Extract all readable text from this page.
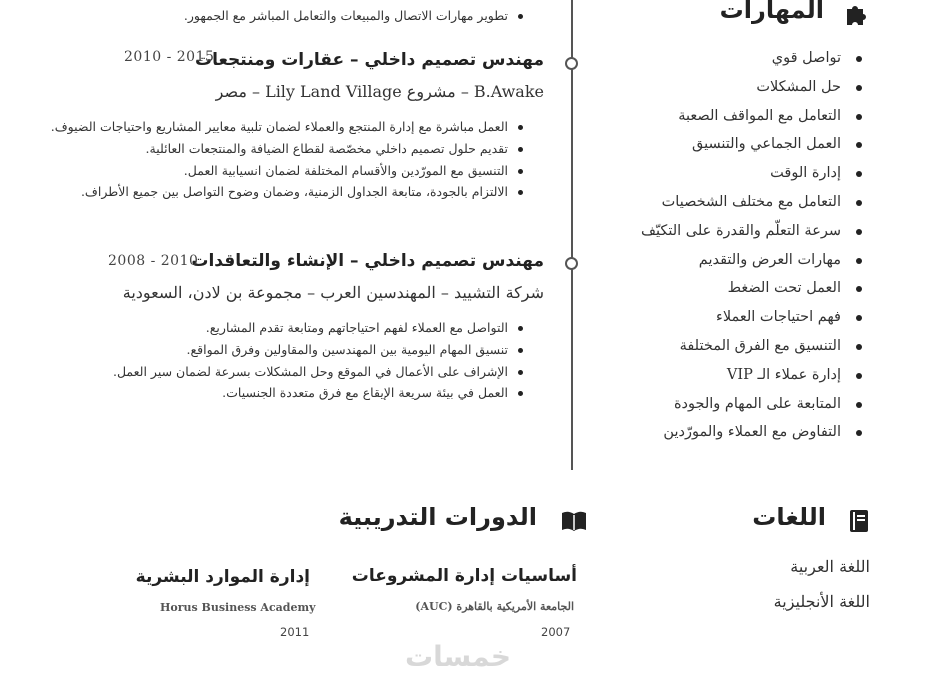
المهارات
تواصل قوي
حل المشكلات
التعامل مع المواقف الصعبة
العمل الجماعي والتنسيق
إدارة الوقت
التعامل مع مختلف الشخصيات
سرعة التعلّم والقدرة على التكيّف
مهارات العرض والتقديم
العمل تحت الضغط
فهم احتياجات العملاء
التنسيق مع الفرق المختلفة
إدارة عملاء الـ VIP
المتابعة على المهام والجودة
التفاوض مع العملاء والمورّدين
تطوير مهارات الاتصال والمبيعات والتعامل المباشر مع الجمهور.
مهندس تصميم داخلي – عقارات ومنتجعات
2010 - 2015
B.Awake – مشروع Lily Land Village – مصر
العمل مباشرة مع إدارة المنتجع والعملاء لضمان تلبية معايير المشاريع واحتياجات الضيوف.
تقديم حلول تصميم داخلي مخصّصة لقطاع الضيافة والمنتجعات العائلية.
التنسيق مع المورّدين والأقسام المختلفة لضمان انسيابية العمل.
الالتزام بالجودة، متابعة الجداول الزمنية، وضمان وضوح التواصل بين جميع الأطراف.
مهندس تصميم داخلي – الإنشاء والتعاقدات
2008 - 2010
شركة التشييد – المهندسين العرب – مجموعة بن لادن، السعودية
التواصل مع العملاء لفهم احتياجاتهم ومتابعة تقدم المشاريع.
تنسيق المهام اليومية بين المهندسين والمقاولين وفرق المواقع.
الإشراف على الأعمال في الموقع وحل المشكلات بسرعة لضمان سير العمل.
العمل في بيئة سريعة الإيقاع مع فرق متعددة الجنسيات.
اللغات
اللغة العربية
اللغة الأنجليزية
الدورات التدريبية
أساسيات إدارة المشروعات
الجامعة الأمريكية بالقاهرة (AUC)
2007
إدارة الموارد البشرية
Horus Business Academy
2011
خمسات
